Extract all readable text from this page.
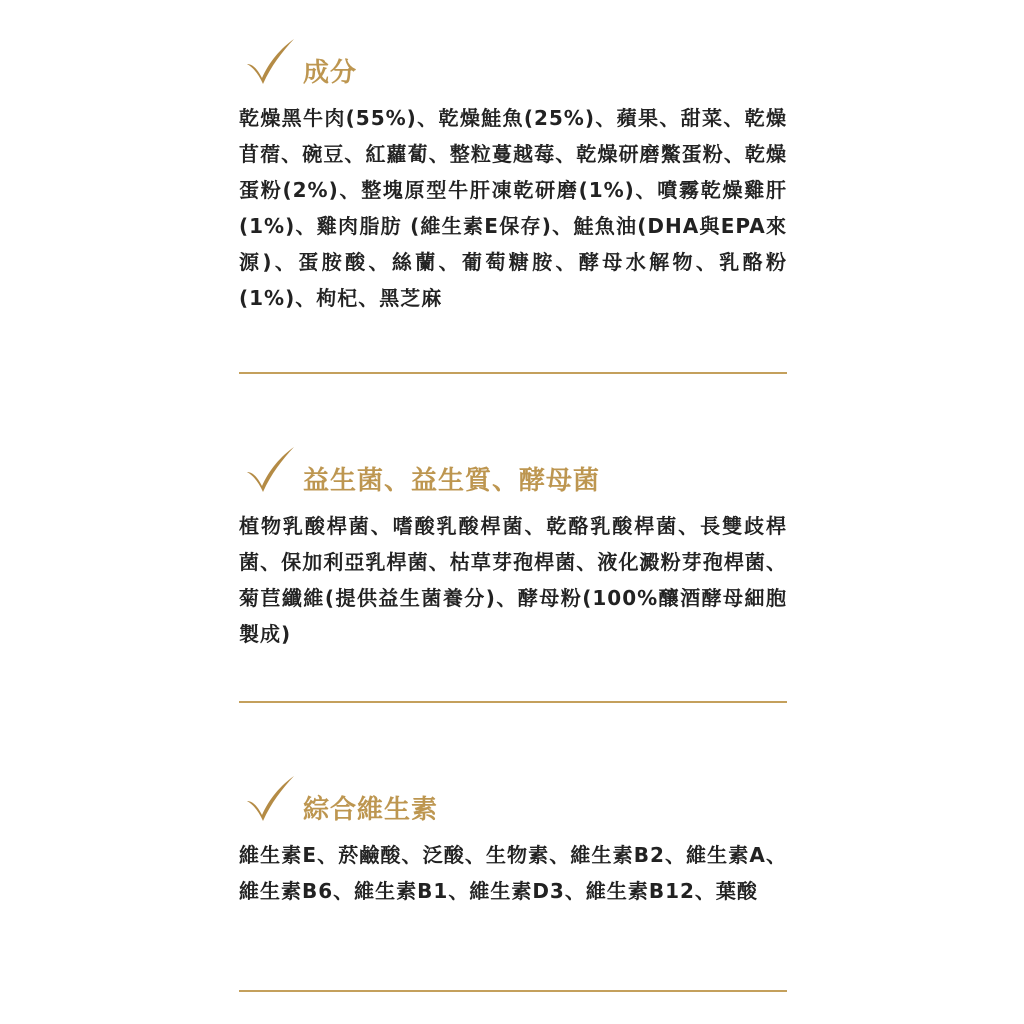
成分

乾燥黑牛肉(55%)、乾燥鮭魚(25%)、蘋果、甜菜、乾燥苜蓿、碗豆、紅蘿蔔、整粒蔓越莓、乾燥研磨鱉蛋粉、乾燥蛋粉(2%)、整塊原型牛肝凍乾研磨(1%)、噴霧乾燥雞肝(1%)、雞肉脂肪 (維生素E保存)、鮭魚油(DHA與EPA來源)、蛋胺酸、絲蘭、葡萄糖胺、酵母水解物、乳酪粉(1%)、枸杞、黑芝麻

益生菌、益生質、酵母菌

植物乳酸桿菌、嗜酸乳酸桿菌、乾酪乳酸桿菌、長雙歧桿菌、保加利亞乳桿菌、枯草芽孢桿菌、液化澱粉芽孢桿菌、菊苣纖維(提供益生菌養分)、酵母粉(100%釀酒酵母細胞製成)

綜合維生素

維生素E、菸鹼酸、泛酸、生物素、維生素B2、維生素A、維生素B6、維生素B1、維生素D3、維生素B12、葉酸
